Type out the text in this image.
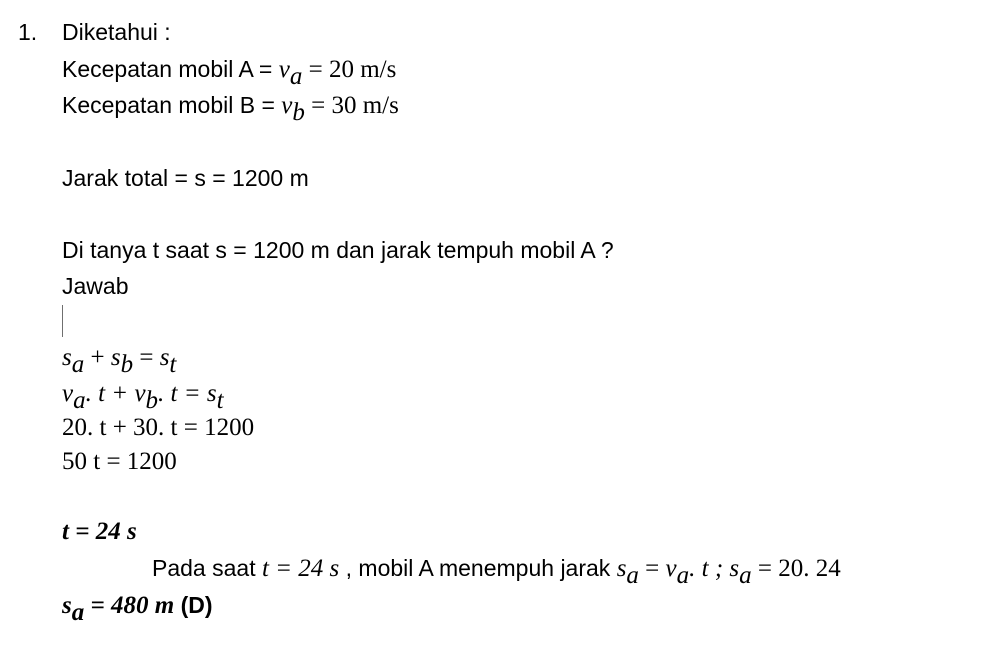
1. Diketahui :
Kecepatan mobil $A = v_a = 20$ m/s
Kecepatan mobil $B = v_b = 30$ m/s
Jarak total = s = 1200 m
Di tanya t saat s = 1200 m dan jarak tempuh mobil A ?
Jawab
$s_a + s_b = s_t$
$v_a$. $t + v_b$. $t = s_t$
20. t + 30. t = 1200
50 t = 1200
t = 24 s
Pada saat t = 24 s , mobil A menempuh jarak $s_a = v_a$. t ; $s_a = 20$. 24
$s_a = 480$ m (D)
